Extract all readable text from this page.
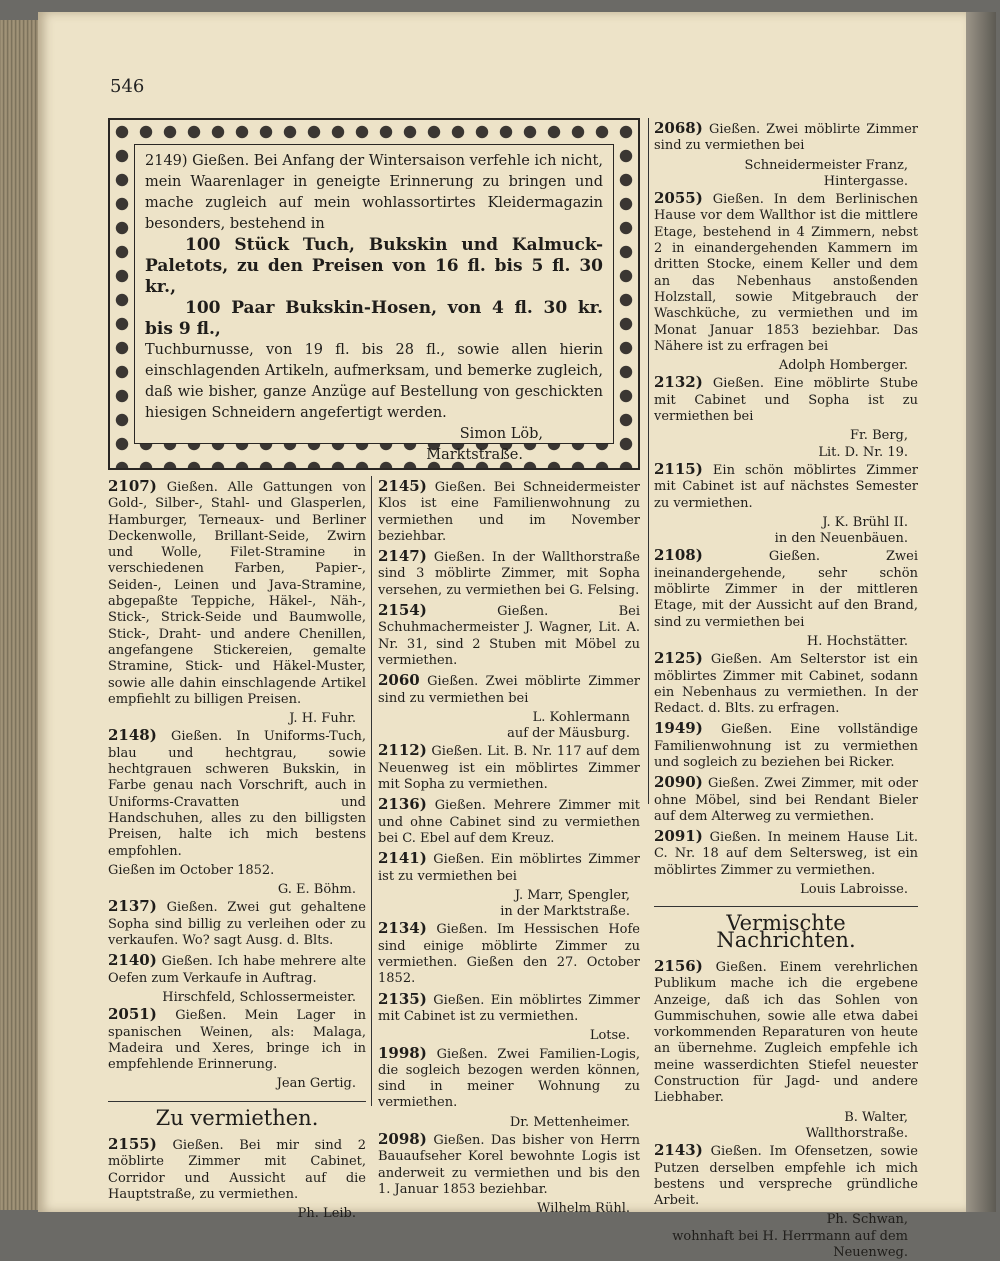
546

2149) Gießen. Bei Anfang der Wintersaison verfehle ich nicht, mein Waarenlager in geneigte Erinnerung zu bringen und mache zugleich auf mein wohlassortirtes Kleidermagazin besonders, bestehend in

100 Stück Tuch, Bukskin und Kalmuck-Paletots, zu den Preisen von 16 fl. bis 5 fl. 30 kr.,

100 Paar Bukskin-Hosen, von 4 fl. 30 kr. bis 9 fl.,

Tuchburnusse, von 19 fl. bis 28 fl., sowie allen hierin einschlagenden Artikeln, aufmerksam, und bemerke zugleich, daß wie bisher, ganze Anzüge auf Bestellung von geschickten hiesigen Schneidern angefertigt werden.

Simon Löb,
Marktstraße.

2107) Gießen. Alle Gattungen von Gold-, Silber-, Stahl- und Glasperlen, Hamburger, Terneaux- und Berliner Deckenwolle, Brillant-Seide, Zwirn und Wolle, Filet-Stramine in verschiedenen Farben, Papier-, Seiden-, Leinen und Java-Stramine, abgepaßte Teppiche, Häkel-, Näh-, Stick-, Strick-Seide und Baumwolle, Stick-, Draht- und andere Chenillen, angefangene Stickereien, gemalte Stramine, Stick- und Häkel-Muster, sowie alle dahin einschlagende Artikel empfiehlt zu billigen Preisen.

J. H. Fuhr.

2148) Gießen. In Uniforms-Tuch, blau und hechtgrau, sowie hechtgrauen schweren Bukskin, in Farbe genau nach Vorschrift, auch in Uniforms-Cravatten und Handschuhen, alles zu den billigsten Preisen, halte ich mich bestens empfohlen.

Gießen im October 1852.

G. E. Böhm.

2137) Gießen. Zwei gut gehaltene Sopha sind billig zu verleihen oder zu verkaufen. Wo? sagt Ausg. d. Blts.

2140) Gießen. Ich habe mehrere alte Oefen zum Verkaufe in Auftrag.

Hirschfeld, Schlossermeister.

2051) Gießen. Mein Lager in spanischen Weinen, als: Malaga, Madeira und Xeres, bringe ich in empfehlende Erinnerung.

Jean Gertig.
Zu vermiethen.

2155) Gießen. Bei mir sind 2 möblirte Zimmer mit Cabinet, Corridor und Aussicht auf die Hauptstraße, zu vermiethen.

Ph. Leib.

2145) Gießen. Bei Schneidermeister Klos ist eine Familienwohnung zu vermiethen und im November beziehbar.

2147) Gießen. In der Wallthorstraße sind 3 möblirte Zimmer, mit Sopha versehen, zu vermiethen bei G. Felsing.

2154)	Gießen. Bei Schuhmachermeister J. Wagner, Lit. A. Nr. 31, sind 2 Stuben mit Möbel zu vermiethen.

2060 Gießen. Zwei möblirte Zimmer sind zu vermiethen bei

L. Kohlermann
auf der Mäusburg.

2112) Gießen. Lit. B. Nr. 117 auf dem Neuenweg ist ein möblirtes Zimmer mit Sopha zu vermiethen.

2136) Gießen. Mehrere Zimmer mit und ohne Cabinet sind zu vermiethen bei C. Ebel auf dem Kreuz.

2141) Gießen. Ein möblirtes Zimmer ist zu vermiethen bei

J. Marr, Spengler,
in der Marktstraße.

2134) Gießen. Im Hessischen Hofe sind einige möblirte Zimmer zu vermiethen. Gießen den 27. October 1852.

2135) Gießen. Ein möblirtes Zimmer mit Cabinet ist zu vermiethen.

Lotse.

1998) Gießen. Zwei Familien-Logis, die sogleich bezogen werden können, sind in meiner Wohnung zu vermiethen.

Dr. Mettenheimer.

2098) Gießen. Das bisher von Herrn Bauaufseher Korel bewohnte Logis ist anderweit zu vermiethen und bis den 1. Januar 1853 beziehbar.

Wilhelm Rühl.

2068) Gießen. Zwei möblirte Zimmer sind zu vermiethen bei

Schneidermeister Franz,
Hintergasse.

2055) Gießen. In dem Berlinischen Hause vor dem Wallthor ist die mittlere Etage, bestehend in 4 Zimmern, nebst 2 in einandergehenden Kammern im dritten Stocke, einem Keller und dem an das Nebenhaus anstoßenden Holzstall, sowie Mitgebrauch der Waschküche, zu vermiethen und im Monat Januar 1853 beziehbar. Das Nähere ist zu erfragen bei

Adolph Homberger.

2132) Gießen. Eine möblirte Stube mit Cabinet und Sopha ist zu vermiethen bei

Fr. Berg,
Lit. D. Nr. 19.

2115) Ein schön möblirtes Zimmer mit Cabinet ist auf nächstes Semester zu vermiethen.

J. K. Brühl II.
in den Neuenbäuen.

2108)	Gießen. Zwei ineinandergehende, sehr schön möblirte Zimmer in der mittleren Etage, mit der Aussicht auf den Brand, sind zu vermiethen bei

H. Hochstätter.

2125) Gießen. Am Selterstor ist ein möblirtes Zimmer mit Cabinet, sodann ein Nebenhaus zu vermiethen. In der Redact. d. Blts. zu erfragen.

1949) Gießen. Eine vollständige Familienwohnung ist zu vermiethen und sogleich zu beziehen bei Ricker.

2090) Gießen. Zwei Zimmer, mit oder ohne Möbel, sind bei Rendant Bieler auf dem Alterweg zu vermiethen.

2091) Gießen. In meinem Hause Lit. C. Nr. 18 auf dem Seltersweg, ist ein möblirtes Zimmer zu vermiethen.

Louis Labroisse.
Vermischte Nachrichten.

2156) Gießen. Einem verehrlichen Publikum mache ich die ergebene Anzeige, daß ich das Sohlen von Gummischuhen, sowie alle etwa dabei vorkommenden Reparaturen von heute an übernehme. Zugleich empfehle ich meine wasserdichten Stiefel neuester Construction für Jagd- und andere Liebhaber.

B. Walter,
Wallthorstraße.

2143) Gießen. Im Ofensetzen, sowie Putzen derselben empfehle ich mich bestens und verspreche gründliche Arbeit.

Ph. Schwan,
wohnhaft bei H. Herrmann auf dem Neuenweg.
